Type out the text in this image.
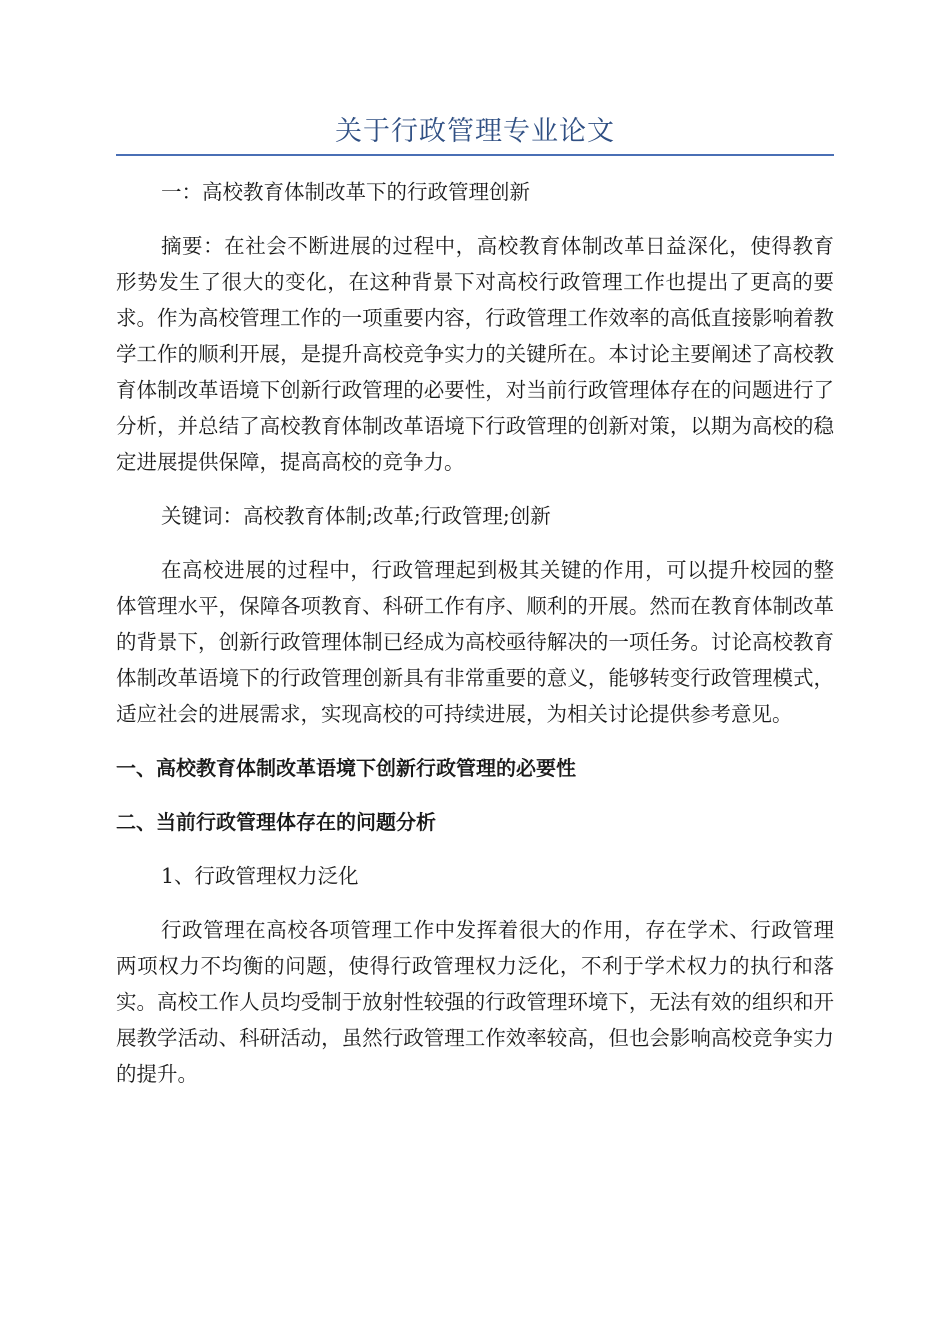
关于行政管理专业论文

一：高校教育体制改革下的行政管理创新

摘要：在社会不断进展的过程中，高校教育体制改革日益深化，使得教育形势发生了很大的变化，在这种背景下对高校行政管理工作也提出了更高的要求。作为高校管理工作的一项重要内容，行政管理工作效率的高低直接影响着教学工作的顺利开展，是提升高校竞争实力的关键所在。本讨论主要阐述了高校教育体制改革语境下创新行政管理的必要性，对当前行政管理体存在的问题进行了分析，并总结了高校教育体制改革语境下行政管理的创新对策，以期为高校的稳定进展提供保障，提高高校的竞争力。

关键词：高校教育体制;改革;行政管理;创新

在高校进展的过程中，行政管理起到极其关键的作用，可以提升校园的整体管理水平，保障各项教育、科研工作有序、顺利的开展。然而在教育体制改革的背景下，创新行政管理体制已经成为高校亟待解决的一项任务。讨论高校教育体制改革语境下的行政管理创新具有非常重要的意义，能够转变行政管理模式，适应社会的进展需求，实现高校的可持续进展，为相关讨论提供参考意见。

一、高校教育体制改革语境下创新行政管理的必要性

二、当前行政管理体存在的问题分析

1、行政管理权力泛化

行政管理在高校各项管理工作中发挥着很大的作用，存在学术、行政管理两项权力不均衡的问题，使得行政管理权力泛化，不利于学术权力的执行和落实。高校工作人员均受制于放射性较强的行政管理环境下，无法有效的组织和开展教学活动、科研活动，虽然行政管理工作效率较高，但也会影响高校竞争实力的提升。
